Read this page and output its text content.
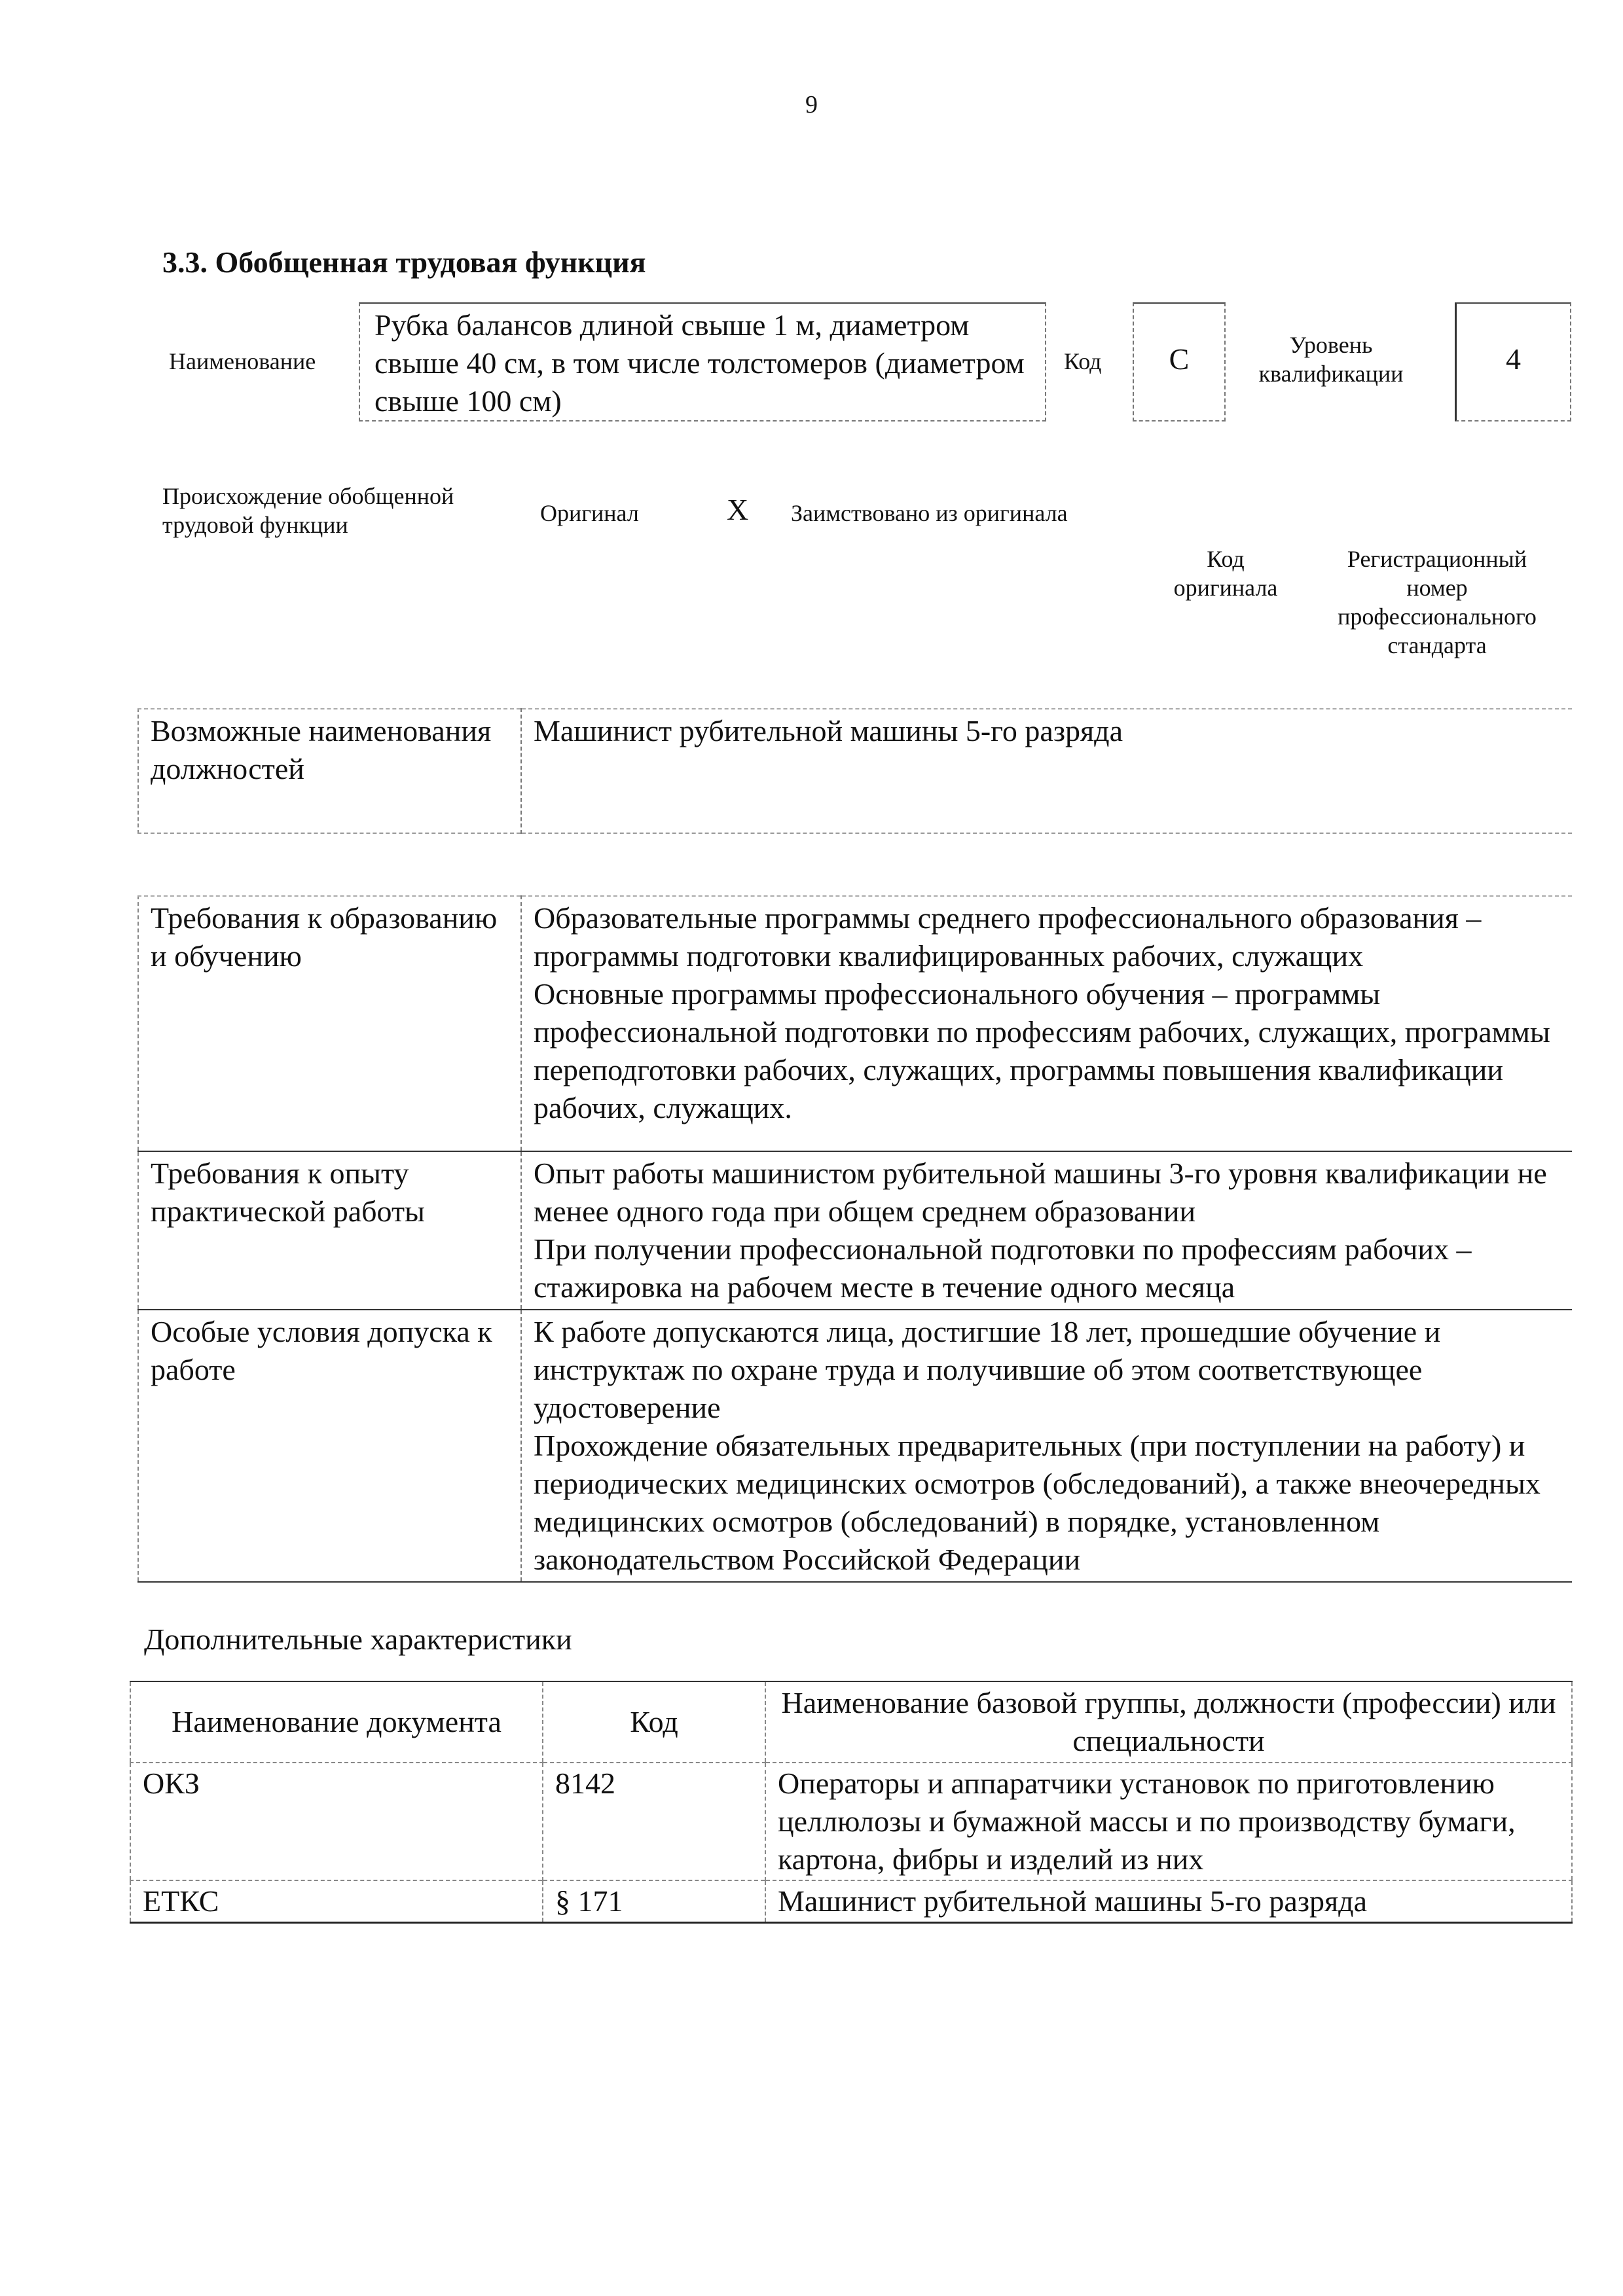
9
3.3. Обобщенная трудовая функция
Наименование
Рубка балансов длиной свыше 1 м, диаметром свыше 40 см, в том числе толстомеров (диаметром свыше 100 см)
Код	C	Уровень квалификации	4
Происхождение обобщенной трудовой функции	Оригинал	X Заимствовано из оригинала
Код оригинала
Регистрационный номер профессионального стандарта
Возможные наименования должностей	Машинист рубительной машины 5-го разряда
Требования к образованию и обучению	Образовательные программы среднего профессионального образования – программы подготовки квалифицированных рабочих, служащих
Основные программы профессионального обучения – программы профессиональной подготовки по профессиям рабочих, служащих, программы переподготовки рабочих, служащих, программы повышения квалификации рабочих, служащих.

Требования к опыту практической работы	Опыт работы машинистом рубительной машины 3-го уровня квалификации не менее одного года при общем среднем образовании
При получении профессиональной подготовки по профессиям рабочих – стажировка на рабочем месте в течение одного месяца

Особые условия допуска к работе	К работе допускаются лица, достигшие 18 лет, прошедшие обучение и инструктаж по охране труда и получившие об этом соответствующее удостоверение
Прохождение обязательных предварительных (при поступлении на работу) и периодических медицинских осмотров (обследований), а также внеочередных медицинских осмотров (обследований) в порядке, установленном законодательством Российской Федерации
Дополнительные характеристики
Наименование документа	Код	Наименование базовой группы, должности (профессии) или специальности
ОКЗ	8142	Операторы и аппаратчики установок по приготовлению целлюлозы и бумажной массы и по производству бумаги, картона, фибры и изделий из них
ЕТКС	§ 171	Машинист рубительной машины 5-го разряда
